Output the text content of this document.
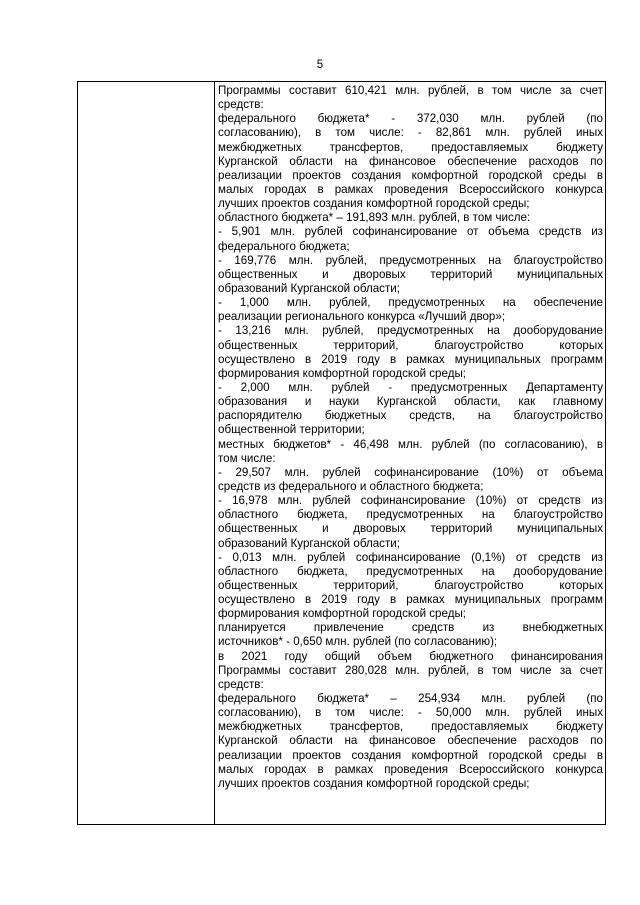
5

Программы составит 610,421 млн. рублей, в том числе за счет
средств:
федерального бюджета* - 372,030 млн. рублей (по
согласованию), в том числе: - 82,861 млн. рублей иных
межбюджетных трансфертов, предоставляемых бюджету
Курганской области на финансовое обеспечение расходов по
реализации проектов создания комфортной городской среды в
малых городах в рамках проведения Всероссийского конкурса
лучших проектов создания комфортной городской среды;
областного бюджета* – 191,893 млн. рублей, в том числе:
- 5,901 млн. рублей софинансирование от объема средств из
федерального бюджета;
- 169,776 млн. рублей, предусмотренных на благоустройство
общественных и дворовых территорий муниципальных
образований Курганской области;
- 1,000 млн. рублей, предусмотренных на обеспечение
реализации регионального конкурса «Лучший двор»;
- 13,216 млн. рублей, предусмотренных на дооборудование
общественных территорий, благоустройство которых
осуществлено в 2019 году в рамках муниципальных программ
формирования комфортной городской среды;
- 2,000 млн. рублей - предусмотренных Департаменту
образования и науки Курганской области, как главному
распорядителю бюджетных средств, на благоустройство
общественной территории;
местных бюджетов* - 46,498 млн. рублей (по согласованию), в
том числе:
- 29,507 млн. рублей софинансирование (10%) от объема
средств из федерального и областного бюджета;
- 16,978 млн. рублей софинансирование (10%) от средств из
областного бюджета, предусмотренных на благоустройство
общественных и дворовых территорий муниципальных
образований Курганской области;
- 0,013 млн. рублей софинансирование (0,1%) от средств из
областного бюджета, предусмотренных на дооборудование
общественных территорий, благоустройство которых
осуществлено в 2019 году в рамках муниципальных программ
формирования комфортной городской среды;
планируется привлечение средств из внебюджетных
источников* - 0,650 млн. рублей (по согласованию);
в 2021 году общий объем бюджетного финансирования
Программы составит 280,028 млн. рублей, в том числе за счет
средств:
федерального бюджета* – 254,934 млн. рублей (по
согласованию), в том числе: - 50,000 млн. рублей иных
межбюджетных трансфертов, предоставляемых бюджету
Курганской области на финансовое обеспечение расходов по
реализации проектов создания комфортной городской среды в
малых городах в рамках проведения Всероссийского конкурса
лучших проектов создания комфортной городской среды;
